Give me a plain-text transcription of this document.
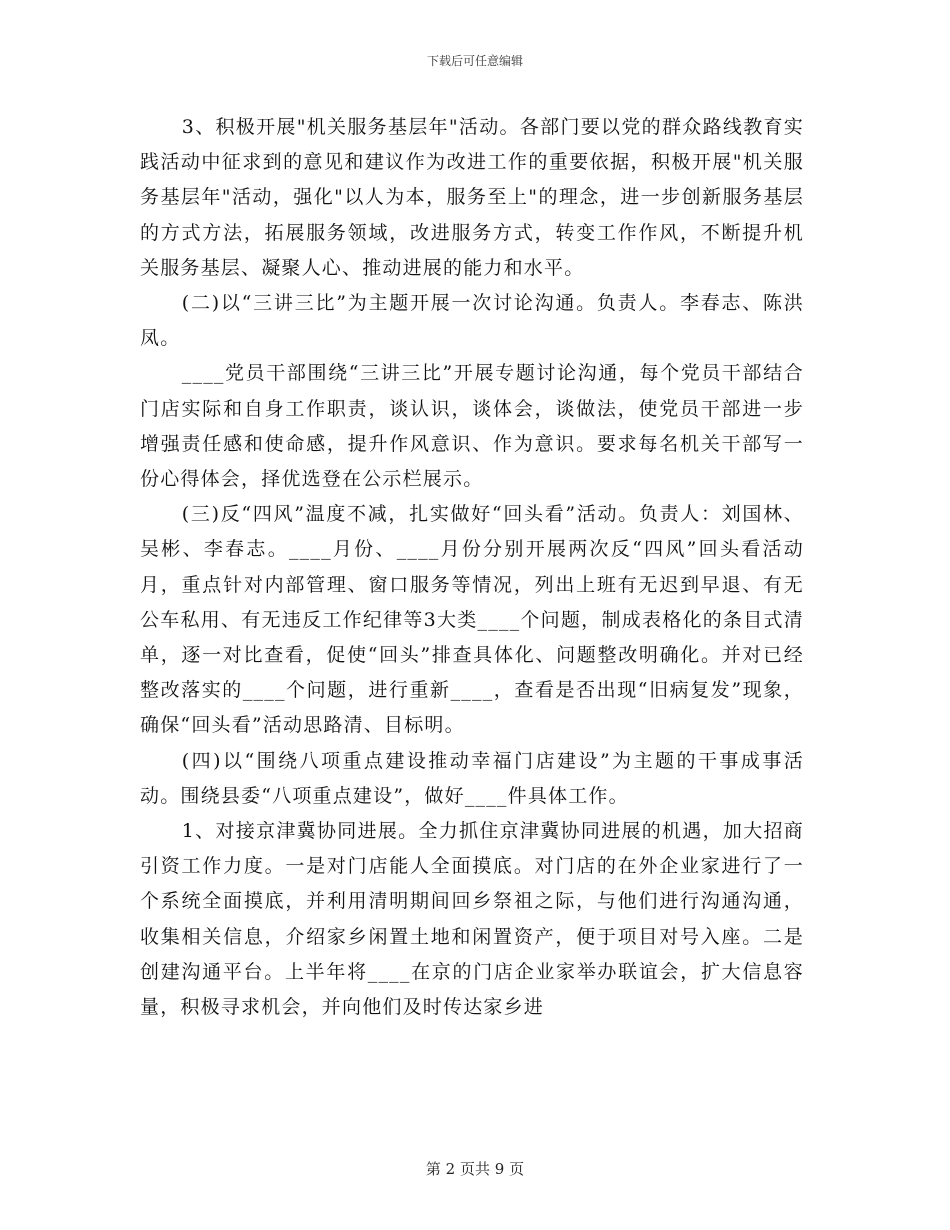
下载后可任意编辑

3、积极开展"机关服务基层年"活动。各部门要以党的群众路线教育实践活动中征求到的意见和建议作为改进工作的重要依据，积极开展"机关服务基层年"活动，强化"以人为本，服务至上"的理念，进一步创新服务基层的方式方法，拓展服务领域，改进服务方式，转变工作作风，不断提升机关服务基层、凝聚人心、推动进展的能力和水平。

(二)以“三讲三比”为主题开展一次讨论沟通。负责人。李春志、陈洪凤。

____党员干部围绕“三讲三比”开展专题讨论沟通，每个党员干部结合门店实际和自身工作职责，谈认识，谈体会，谈做法，使党员干部进一步增强责任感和使命感，提升作风意识、作为意识。要求每名机关干部写一份心得体会，择优选登在公示栏展示。

(三)反“四风”温度不减，扎实做好“回头看”活动。负责人：刘国林、吴彬、李春志。____月份、____月份分别开展两次反“四风”回头看活动月，重点针对内部管理、窗口服务等情况，列出上班有无迟到早退、有无公车私用、有无违反工作纪律等3大类____个问题，制成表格化的条目式清单，逐一对比查看，促使“回头”排查具体化、问题整改明确化。并对已经整改落实的____个问题，进行重新____，查看是否出现“旧病复发”现象，确保“回头看”活动思路清、目标明。

(四)以“围绕八项重点建设推动幸福门店建设”为主题的干事成事活动。围绕县委“八项重点建设”，做好____件具体工作。

1、对接京津冀协同进展。全力抓住京津冀协同进展的机遇，加大招商引资工作力度。一是对门店能人全面摸底。对门店的在外企业家进行了一个系统全面摸底，并利用清明期间回乡祭祖之际，与他们进行沟通沟通，收集相关信息，介绍家乡闲置土地和闲置资产，便于项目对号入座。二是创建沟通平台。上半年将____在京的门店企业家举办联谊会，扩大信息容量，积极寻求机会，并向他们及时传达家乡进

第 2 页共 9 页
